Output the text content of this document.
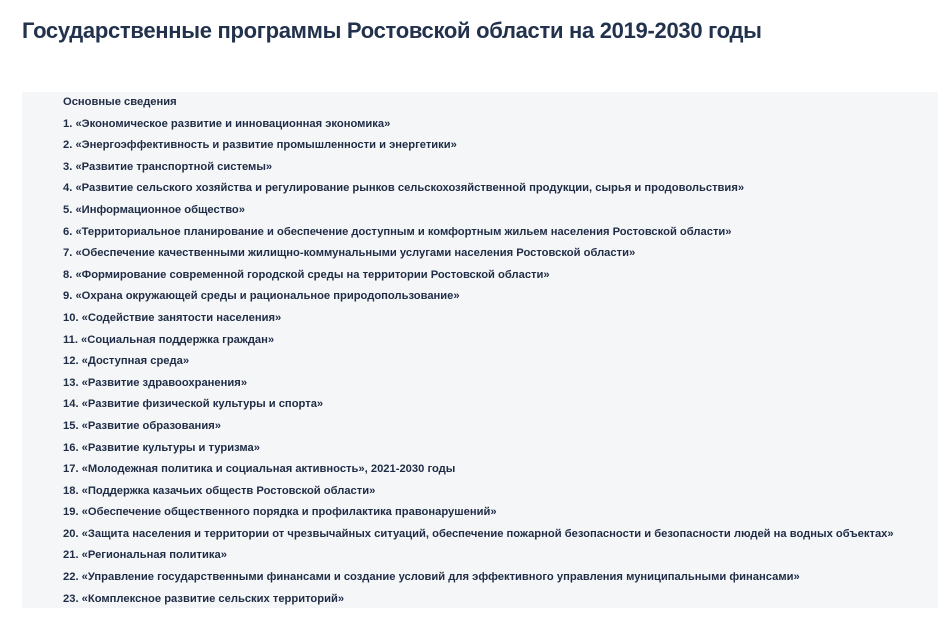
Государственные программы Ростовской области на 2019-2030 годы
Основные сведения
1. «Экономическое развитие и инновационная экономика»
2. «Энергоэффективность и развитие промышленности и энергетики»
3. «Развитие транспортной системы»
4. «Развитие сельского хозяйства и регулирование рынков сельскохозяйственной продукции, сырья и продовольствия»
5. «Информационное общество»
6. «Территориальное планирование и обеспечение доступным и комфортным жильем населения Ростовской области»
7. «Обеспечение качественными жилищно-коммунальными услугами населения Ростовской области»
8. «Формирование современной городской среды на территории Ростовской области»
9. «Охрана окружающей среды и рациональное природопользование»
10. «Содействие занятости населения»
11. «Социальная поддержка граждан»
12. «Доступная среда»
13. «Развитие здравоохранения»
14. «Развитие физической культуры и спорта»
15. «Развитие образования»
16. «Развитие культуры и туризма»
17. «Молодежная политика и социальная активность», 2021-2030 годы
18. «Поддержка казачьих обществ Ростовской области»
19. «Обеспечение общественного порядка и профилактика правонарушений»
20. «Защита населения и территории от чрезвычайных ситуаций, обеспечение пожарной безопасности и безопасности людей на водных объектах»
21. «Региональная политика»
22. «Управление государственными финансами и создание условий для эффективного управления муниципальными финансами»
23. «Комплексное развитие сельских территорий»
